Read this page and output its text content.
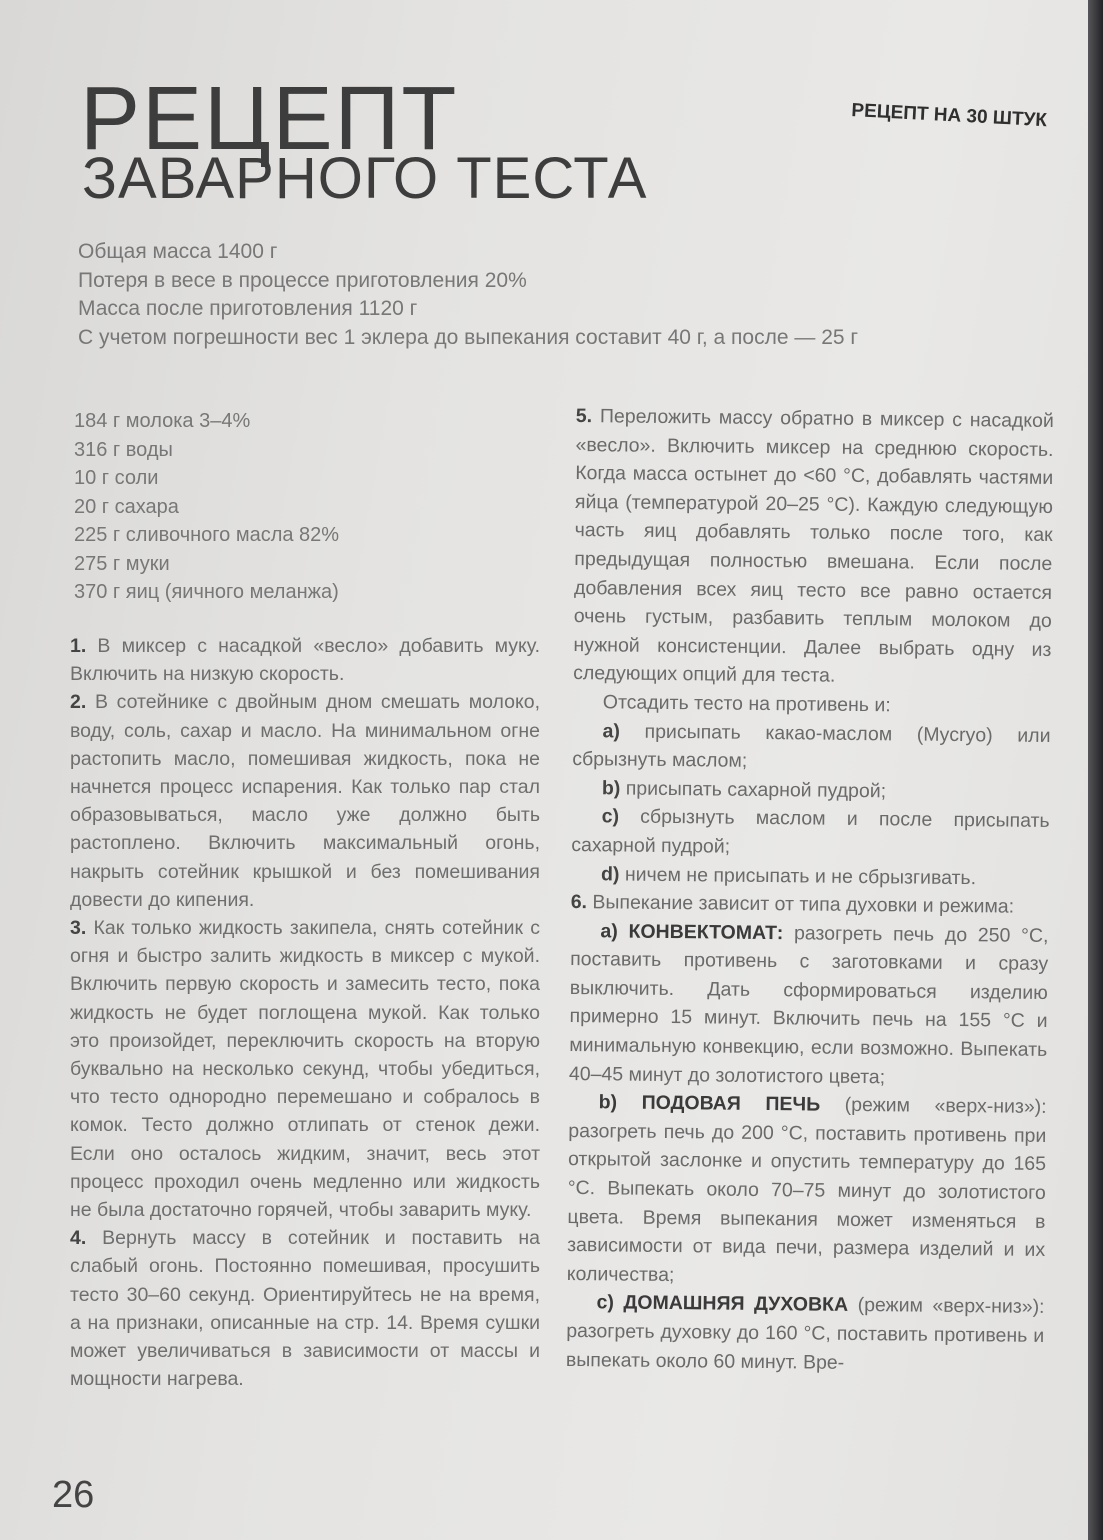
РЕЦЕПТ
ЗАВАРНОГО ТЕСТА
РЕЦЕПТ НА 30 ШТУК
Общая масса 1400 г
Потеря в весе в процессе приготовления 20%
Масса после приготовления 1120 г
С учетом погрешности вес 1 эклера до выпекания составит 40 г, а после — 25 г
184 г молока 3–4%
316 г воды
10 г соли
20 г сахара
225 г сливочного масла 82%
275 г муки
370 г яиц (яичного меланжа)

1. В миксер с насадкой «весло» добавить муку. Включить на низкую скорость.

2. В сотейнике с двойным дном смешать молоко, воду, соль, сахар и масло. На минимальном огне растопить масло, помешивая жидкость, пока не начнется процесс испарения. Как только пар стал образовываться, масло уже должно быть растоплено. Включить максимальный огонь, накрыть сотейник крышкой и без помешивания довести до кипения.

3. Как только жидкость закипела, снять сотейник с огня и быстро залить жидкость в миксер с мукой. Включить первую скорость и замесить тесто, пока жидкость не будет поглощена мукой. Как только это произойдет, переключить скорость на вторую буквально на несколько секунд, чтобы убедиться, что тесто однородно перемешано и собралось в комок. Тесто должно отлипать от стенок дежи. Если оно осталось жидким, значит, весь этот процесс проходил очень медленно или жидкость не была достаточно горячей, чтобы заварить муку.

4. Вернуть массу в сотейник и поставить на слабый огонь. Постоянно помешивая, просушить тесто 30–60 секунд. Ориентируйтесь не на время, а на признаки, описанные на стр. 14. Время сушки может увеличиваться в зависимости от массы и мощности нагрева.

5. Переложить массу обратно в миксер с насадкой «весло». Включить миксер на среднюю скорость. Когда масса остынет до <60 °С, добавлять частями яйца (температурой 20–25 °С). Каждую следующую часть яиц добавлять только после того, как предыдущая полностью вмешана. Если после добавления всех яиц тесто все равно остается очень густым, разбавить теплым молоком до нужной консистенции. Далее выбрать одну из следующих опций для теста.

Отсадить тесто на противень и:

a) присыпать какао-маслом (Mycryo) или сбрызнуть маслом;

b) присыпать сахарной пудрой;

c) сбрызнуть маслом и после присыпать сахарной пудрой;

d) ничем не присыпать и не сбрызгивать.

6. Выпекание зависит от типа духовки и режима:

a) КОНВЕКТОМАТ: разогреть печь до 250 °С, поставить противень с заготовками и сразу выключить. Дать сформироваться изделию примерно 15 минут. Включить печь на 155 °С и минимальную конвекцию, если возможно. Выпекать 40–45 минут до золотистого цвета;

b) ПОДОВАЯ ПЕЧЬ (режим «верх-низ»): разогреть печь до 200 °С, поставить противень при открытой заслонке и опустить температуру до 165 °С. Выпекать около 70–75 минут до золотистого цвета. Время выпекания может изменяться в зависимости от вида печи, размера изделий и их количества;

c) ДОМАШНЯЯ ДУХОВКА (режим «верх-низ»): разогреть духовку до 160 °С, поставить противень и выпекать около 60 минут. Вре-

26
